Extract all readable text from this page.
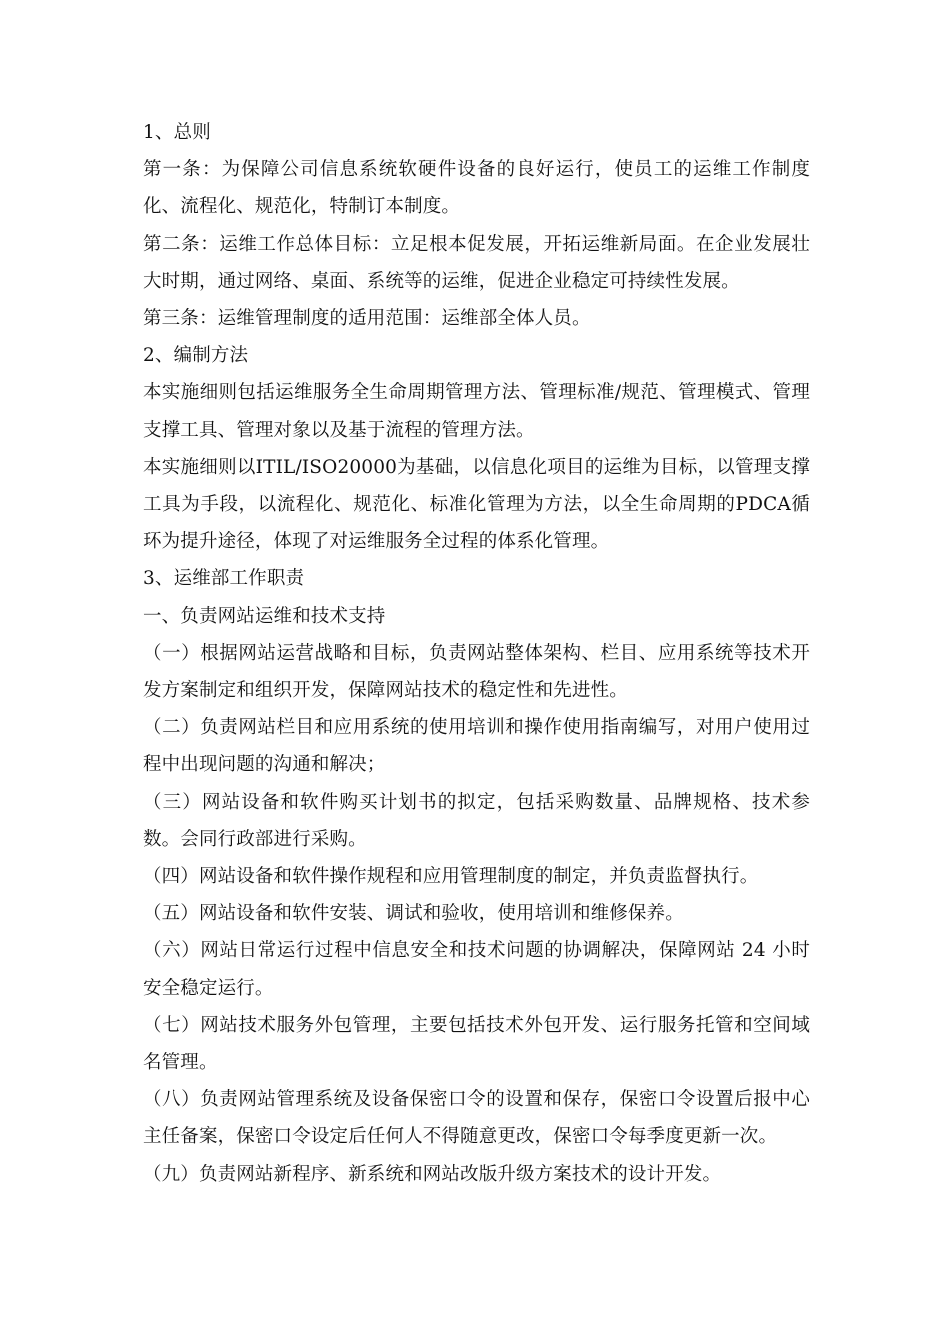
1、总则

第一条：为保障公司信息系统软硬件设备的良好运行，使员工的运维工作制度化、流程化、规范化，特制订本制度。

第二条：运维工作总体目标：立足根本促发展，开拓运维新局面。在企业发展壮大时期，通过网络、桌面、系统等的运维，促进企业稳定可持续性发展。

第三条：运维管理制度的适用范围：运维部全体人员。

2、编制方法

本实施细则包括运维服务全生命周期管理方法、管理标准/规范、管理模式、管理支撑工具、管理对象以及基于流程的管理方法。

本实施细则以ITIL/ISO20000为基础，以信息化项目的运维为目标，以管理支撑工具为手段，以流程化、规范化、标准化管理为方法，以全生命周期的PDCA循环为提升途径，体现了对运维服务全过程的体系化管理。

3、运维部工作职责

一、负责网站运维和技术支持

（一）根据网站运营战略和目标，负责网站整体架构、栏目、应用系统等技术开发方案制定和组织开发，保障网站技术的稳定性和先进性。

（二）负责网站栏目和应用系统的使用培训和操作使用指南编写，对用户使用过程中出现问题的沟通和解决；

（三）网站设备和软件购买计划书的拟定，包括采购数量、品牌规格、技术参数。会同行政部进行采购。

（四）网站设备和软件操作规程和应用管理制度的制定，并负责监督执行。

（五）网站设备和软件安装、调试和验收，使用培训和维修保养。

（六）网站日常运行过程中信息安全和技术问题的协调解决，保障网站 24 小时安全稳定运行。

（七）网站技术服务外包管理，主要包括技术外包开发、运行服务托管和空间域名管理。

（八）负责网站管理系统及设备保密口令的设置和保存，保密口令设置后报中心主任备案，保密口令设定后任何人不得随意更改，保密口令每季度更新一次。

（九）负责网站新程序、新系统和网站改版升级方案技术的设计开发。
